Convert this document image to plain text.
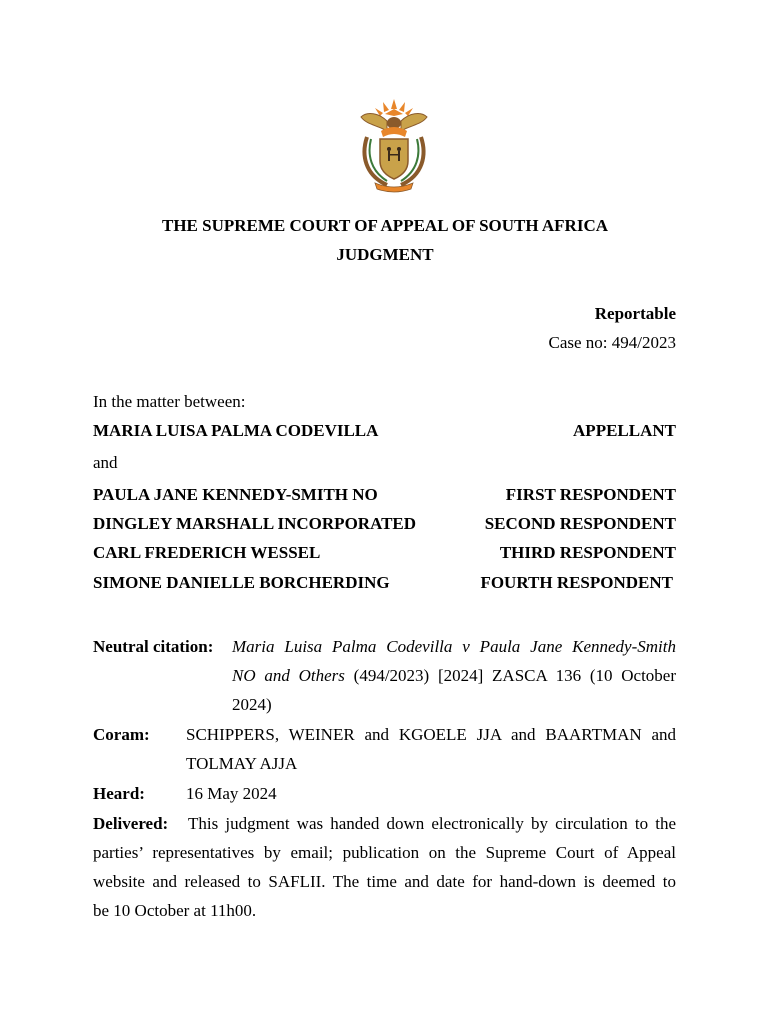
THE SUPREME COURT OF APPEAL OF SOUTH AFRICA
JUDGMENT
Reportable
Case no: 494/2023
In the matter between:
MARIA LUISA PALMA CODEVILLA	APPELLANT
and
PAULA JANE KENNEDY-SMITH NO	FIRST RESPONDENT
DINGLEY MARSHALL INCORPORATED	SECOND RESPONDENT
CARL FREDERICH WESSEL	THIRD RESPONDENT
SIMONE DANIELLE BORCHERDING	FOURTH RESPONDENT
Neutral citation: Maria Luisa Palma Codevilla v Paula Jane Kennedy-Smith
NO and Others (494/2023) [2024] ZASCA 136 (10 October
2024)
Coram: SCHIPPERS, WEINER and KGOELE JJA and BAARTMAN and
TOLMAY AJJA
Heard: 16 May 2024
Delivered: This judgment was handed down electronically by circulation to the
parties’ representatives by email; publication on the Supreme Court of Appeal
website and released to SAFLII. The time and date for hand-down is deemed to
be 10 October at 11h00.
